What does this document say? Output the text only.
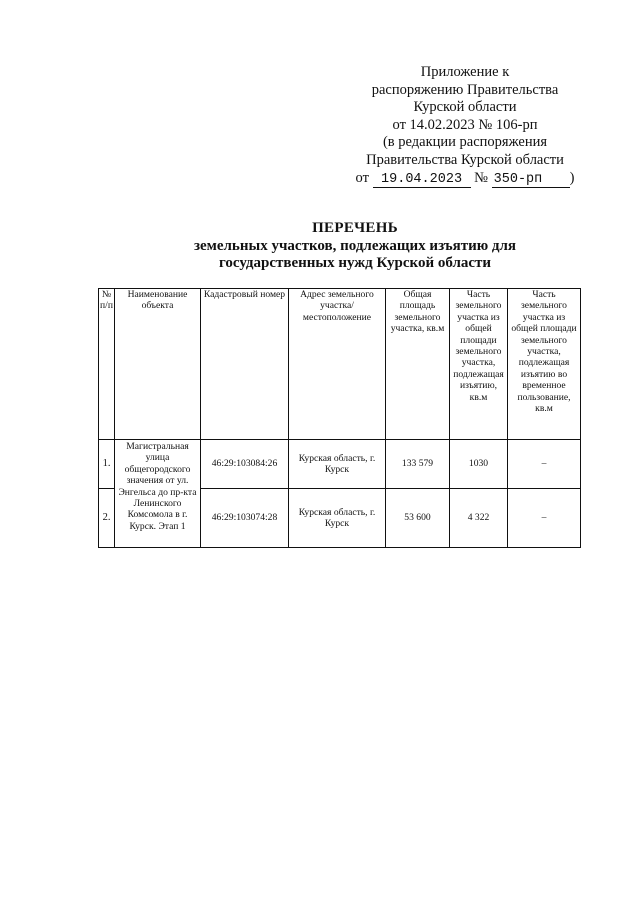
Приложение к
распоряжению Правительства
Курской области
от 14.02.2023 № 106-рп
(в редакции распоряжения
Правительства Курской области
от 19.04.2023 № 350-рп )
ПЕРЕЧЕНЬ
земельных участков, подлежащих изъятию для
государственных нужд Курской области
№ п/п	Наименование объекта	Кадастровый номер	Адрес земельного участка/ местоположение	Общая площадь земельного участка, кв.м	Часть земельного участка из общей площади земельного участка, подлежащая изъятию, кв.м	Часть земельного участка из общей площади земельного участка, подлежащая изъятию во временное пользование, кв.м
1.	Магистральная улица общегородского значения от ул. Энгельса до пр-кта Ленинского Комсомола в г. Курск. Этап 1	46:29:103084:26	Курская область, г. Курск	133 579	1030	–
2.		46:29:103074:28	Курская область, г. Курск	53 600	4 322	–
